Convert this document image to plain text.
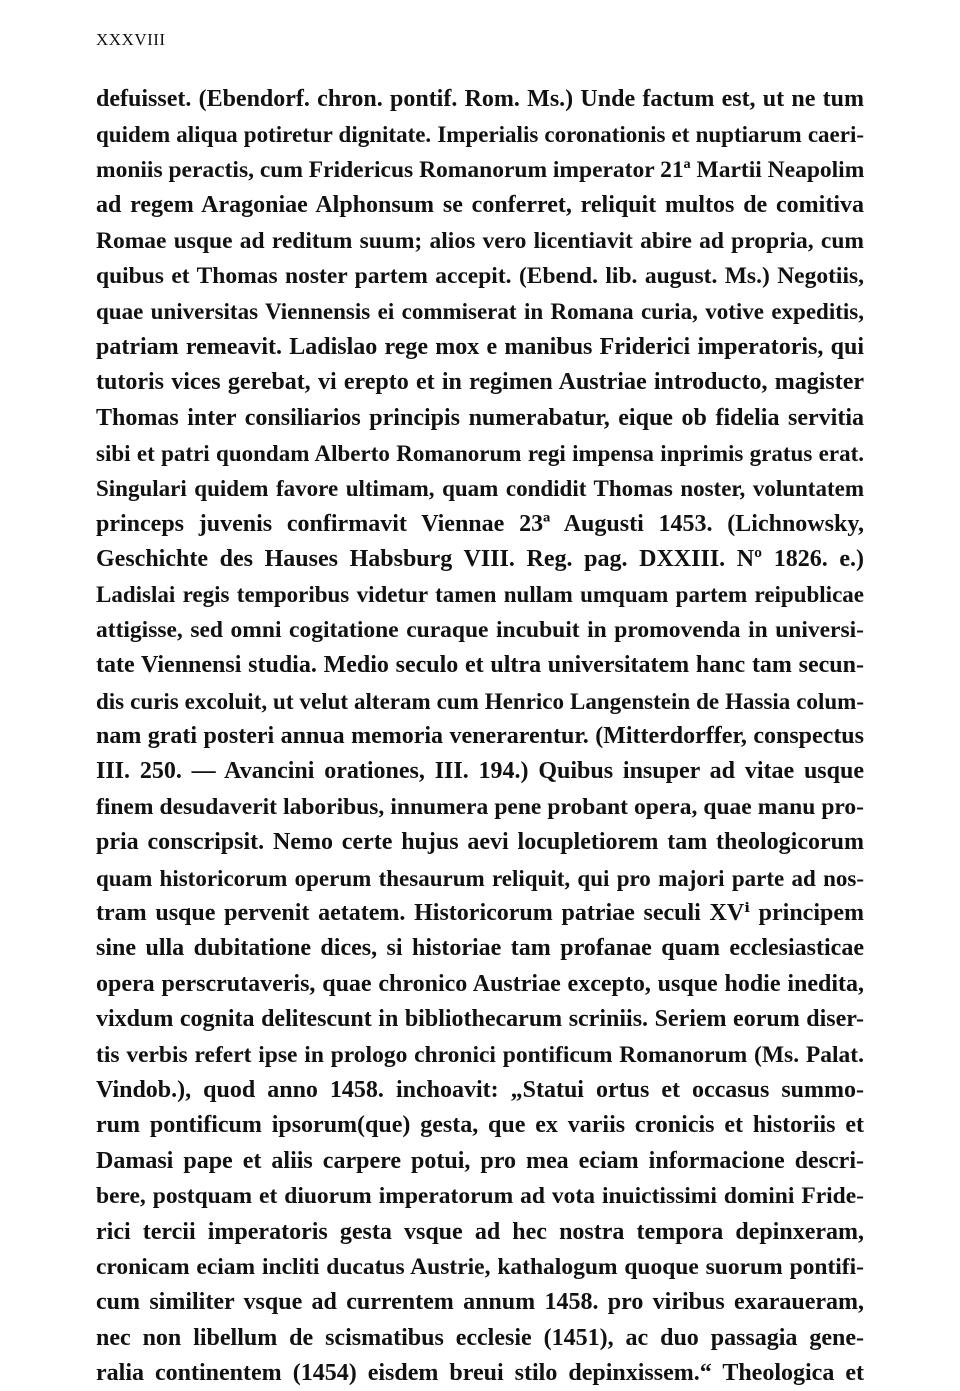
XXXVIII
defuisset. (Ebendorf. chron. pontif. Rom. Ms.) Unde factum est, ut ne tum
quidem aliqua potiretur dignitate. Imperialis coronationis et nuptiarum caeri-
moniis peractis, cum Fridericus Romanorum imperator 21ª Martii Neapolim
ad regem Aragoniae Alphonsum se conferret, reliquit multos de comitiva
Romae usque ad reditum suum; alios vero licentiavit abire ad propria, cum
quibus et Thomas noster partem accepit. (Ebend. lib. august. Ms.) Negotiis,
quae universitas Viennensis ei commiserat in Romana curia, votive expeditis,
patriam remeavit. Ladislao rege mox e manibus Friderici imperatoris, qui
tutoris vices gerebat, vi erepto et in regimen Austriae introducto, magister
Thomas inter consiliarios principis numerabatur, eique ob fidelia servitia
sibi et patri quondam Alberto Romanorum regi impensa inprimis gratus erat.
Singulari quidem favore ultimam, quam condidit Thomas noster, voluntatem
princeps juvenis confirmavit Viennae 23ª Augusti 1453. (Lichnowsky,
Geschichte des Hauses Habsburg VIII. Reg. pag. DXXIII. Nº 1826. e.)
Ladislai regis temporibus videtur tamen nullam umquam partem reipublicae
attigisse, sed omni cogitatione curaque incubuit in promovenda in universi-
tate Viennensi studia. Medio seculo et ultra universitatem hanc tam secun-
dis curis excoluit, ut velut alteram cum Henrico Langenstein de Hassia colum-
nam grati posteri annua memoria venerarentur. (Mitterdorffer, conspectus
III. 250. — Avancini orationes, III. 194.) Quibus insuper ad vitae usque
finem desudaverit laboribus, innumera pene probant opera, quae manu pro-
pria conscripsit. Nemo certe hujus aevi locupletiorem tam theologicorum
quam historicorum operum thesaurum reliquit, qui pro majori parte ad nos-
tram usque pervenit aetatem. Historicorum patriae seculi XVⁱ principem
sine ulla dubitatione dices, si historiae tam profanae quam ecclesiasticae
opera perscrutaveris, quae chronico Austriae excepto, usque hodie inedita,
vixdum cognita delitescunt in bibliothecarum scriniis. Seriem eorum diser-
tis verbis refert ipse in prologo chronici pontificum Romanorum (Ms. Palat.
Vindob.), quod anno 1458. inchoavit: „Statui ortus et occasus summo-
rum pontificum ipsorum(que) gesta, que ex variis cronicis et historiis et
Damasi pape et aliis carpere potui, pro mea eciam informacione descri-
bere, postquam et diuorum imperatorum ad vota inuictissimi domini Fride-
rici tercii imperatoris gesta vsque ad hec nostra tempora depinxeram,
cronicam eciam incliti ducatus Austrie, kathalogum quoque suorum pontifi-
cum similiter vsque ad currentem annum 1458. pro viribus exaraueram,
nec non libellum de scismatibus ecclesie (1451), ac duo passagia gene-
ralia continentem (1454) eisdem breui stilo depinxissem.“ Theologica et
